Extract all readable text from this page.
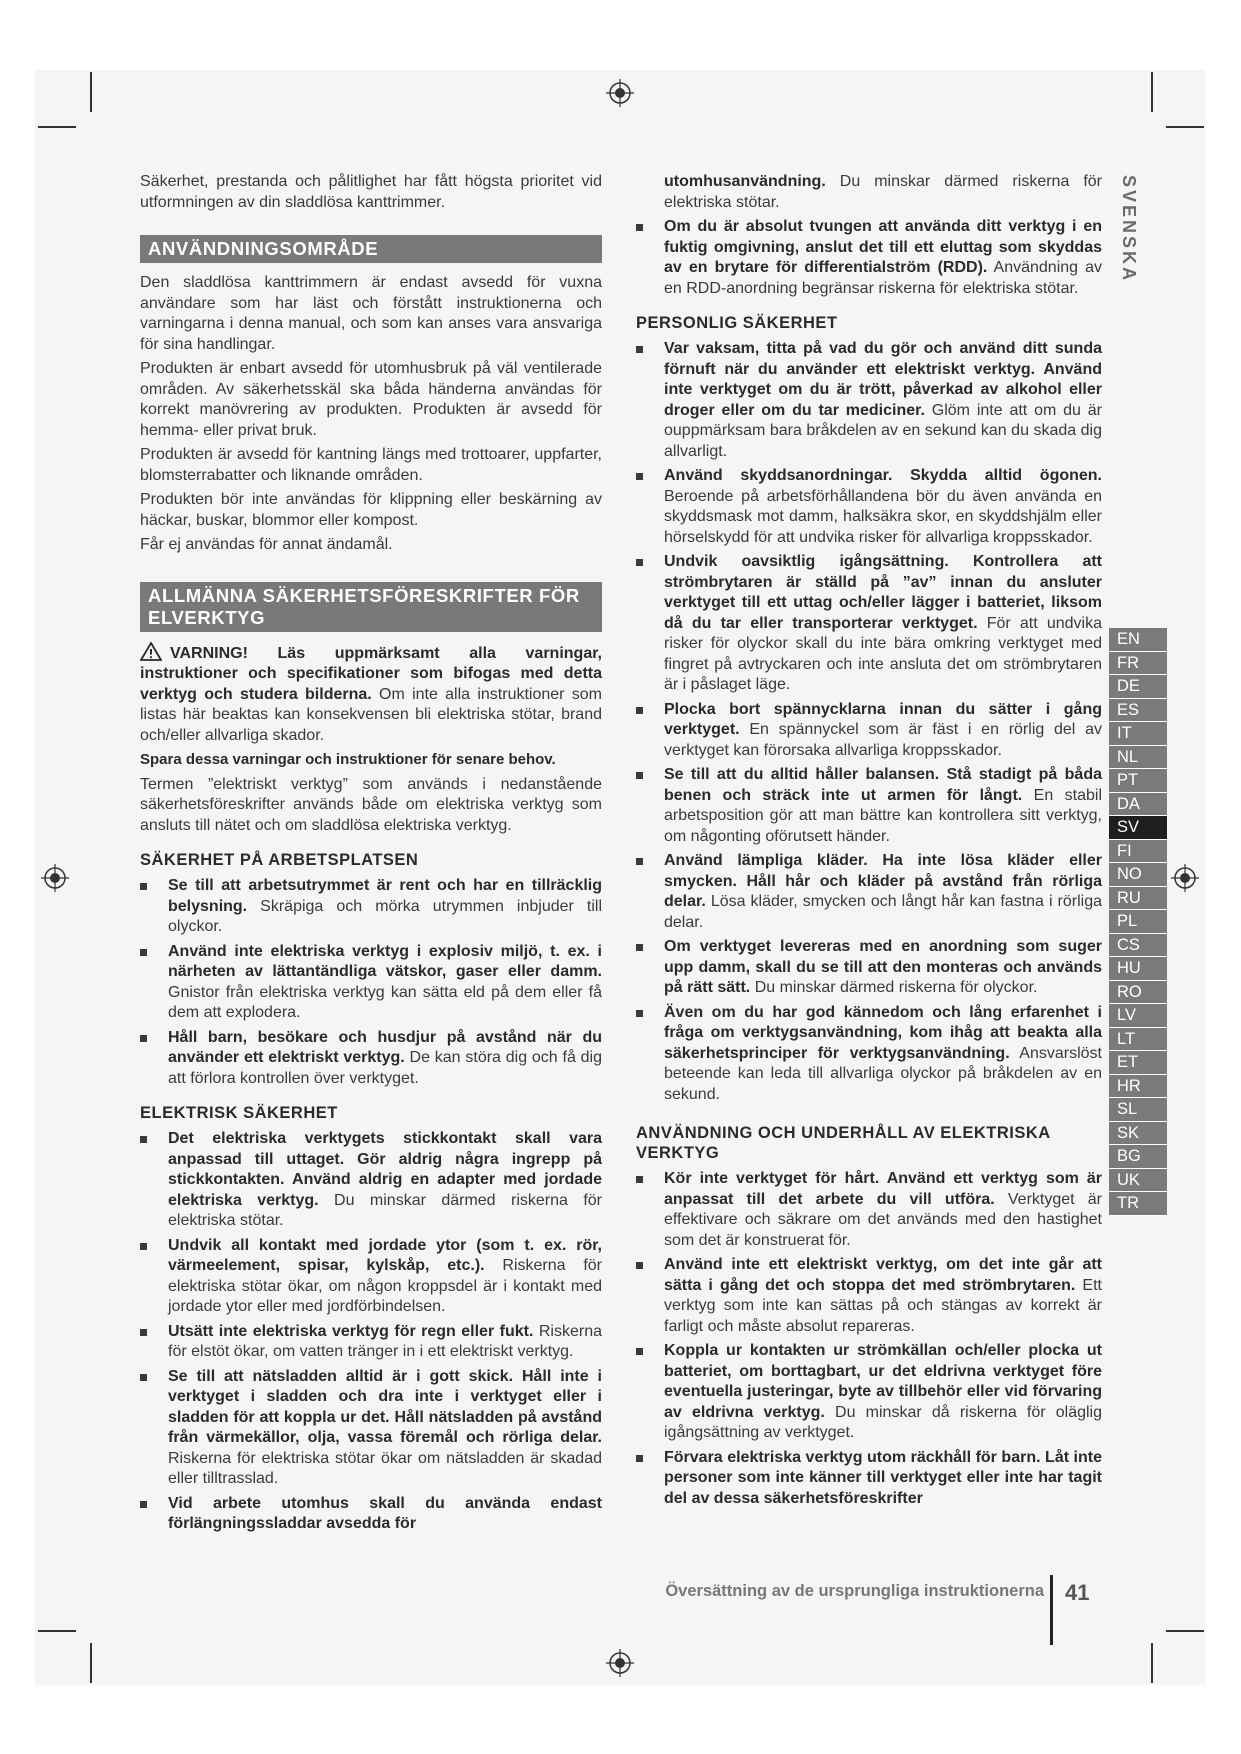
Säkerhet, prestanda och pålitlighet har fått högsta prioritet vid utformningen av din sladdlösa kanttrimmer.

ANVÄNDNINGSOMRÅDE

Den sladdlösa kanttrimmern är endast avsedd för vuxna användare som har läst och förstått instruktionerna och varningarna i denna manual, och som kan anses vara ansvariga för sina handlingar.

Produkten är enbart avsedd för utomhusbruk på väl ventilerade områden. Av säkerhetsskäl ska båda händerna användas för korrekt manövrering av produkten. Produkten är avsedd för hemma- eller privat bruk.

Produkten är avsedd för kantning längs med trottoarer, uppfarter, blomsterrabatter och liknande områden.

Produkten bör inte användas för klippning eller beskärning av häckar, buskar, blommor eller kompost.

Får ej användas för annat ändamål.

ALLMÄNNA SÄKERHETSFÖRESKRIFTER FÖR ELVERKTYG

VARNING! Läs uppmärksamt alla varningar, instruktioner och specifikationer som bifogas med detta verktyg och studera bilderna. Om inte alla instruktioner som listas här beaktas kan konsekvensen bli elektriska stötar, brand och/eller allvarliga skador.

Spara dessa varningar och instruktioner för senare behov.

Termen ”elektriskt verktyg” som används i nedanstående säkerhetsföreskrifter används både om elektriska verktyg som ansluts till nätet och om sladdlösa elektriska verktyg.

SÄKERHET PÅ ARBETSPLATSEN
Se till att arbetsutrymmet är rent och har en tillräcklig belysning. Skräpiga och mörka utrymmen inbjuder till olyckor.
Använd inte elektriska verktyg i explosiv miljö, t. ex. i närheten av lättantändliga vätskor, gaser eller damm. Gnistor från elektriska verktyg kan sätta eld på dem eller få dem att explodera.
Håll barn, besökare och husdjur på avstånd när du använder ett elektriskt verktyg. De kan störa dig och få dig att förlora kontrollen över verktyget.
ELEKTRISK SÄKERHET
Det elektriska verktygets stickkontakt skall vara anpassad till uttaget. Gör aldrig några ingrepp på stickkontakten. Använd aldrig en adapter med jordade elektriska verktyg. Du minskar därmed riskerna för elektriska stötar.
Undvik all kontakt med jordade ytor (som t. ex. rör, värmeelement, spisar, kylskåp, etc.). Riskerna för elektriska stötar ökar, om någon kroppsdel är i kontakt med jordade ytor eller med jordförbindelsen.
Utsätt inte elektriska verktyg för regn eller fukt. Riskerna för elstöt ökar, om vatten tränger in i ett elektriskt verktyg.
Se till att nätsladden alltid är i gott skick. Håll inte i verktyget i sladden och dra inte i verktyget eller i sladden för att koppla ur det. Håll nätsladden på avstånd från värmekällor, olja, vassa föremål och rörliga delar. Riskerna för elektriska stötar ökar om nätsladden är skadad eller tilltrasslad.
Vid arbete utomhus skall du använda endast förlängningssladdar avsedda för

utomhusanvändning. Du minskar därmed riskerna för elektriska stötar.

Om du är absolut tvungen att använda ditt verktyg i en fuktig omgivning, anslut det till ett eluttag som skyddas av en brytare för differentialström (RDD). Användning av en RDD-anordning begränsar riskerna för elektriska stötar.
PERSONLIG SÄKERHET
Var vaksam, titta på vad du gör och använd ditt sunda förnuft när du använder ett elektriskt verktyg. Använd inte verktyget om du är trött, påverkad av alkohol eller droger eller om du tar mediciner. Glöm inte att om du är ouppmärksam bara bråkdelen av en sekund kan du skada dig allvarligt.
Använd skyddsanordningar. Skydda alltid ögonen. Beroende på arbetsförhållandena bör du även använda en skyddsmask mot damm, halksäkra skor, en skyddshjälm eller hörselskydd för att undvika risker för allvarliga kroppsskador.
Undvik oavsiktlig igångsättning. Kontrollera att strömbrytaren är ställd på ”av” innan du ansluter verktyget till ett uttag och/eller lägger i batteriet, liksom då du tar eller transporterar verktyget. För att undvika risker för olyckor skall du inte bära omkring verktyget med fingret på avtryckaren och inte ansluta det om strömbrytaren är i påslaget läge.
Plocka bort spännycklarna innan du sätter i gång verktyget. En spännyckel som är fäst i en rörlig del av verktyget kan förorsaka allvarliga kroppsskador.
Se till att du alltid håller balansen. Stå stadigt på båda benen och sträck inte ut armen för långt. En stabil arbetsposition gör att man bättre kan kontrollera sitt verktyg, om någonting oförutsett händer.
Använd lämpliga kläder. Ha inte lösa kläder eller smycken. Håll hår och kläder på avstånd från rörliga delar. Lösa kläder, smycken och långt hår kan fastna i rörliga delar.
Om verktyget levereras med en anordning som suger upp damm, skall du se till att den monteras och används på rätt sätt. Du minskar därmed riskerna för olyckor.
Även om du har god kännedom och lång erfarenhet i fråga om verktygsanvändning, kom ihåg att beakta alla säkerhetsprinciper för verktygsanvändning. Ansvarslöst beteende kan leda till allvarliga olyckor på bråkdelen av en sekund.
ANVÄNDNING OCH UNDERHÅLL AV ELEKTRISKA VERKTYG
Kör inte verktyget för hårt. Använd ett verktyg som är anpassat till det arbete du vill utföra. Verktyget är effektivare och säkrare om det används med den hastighet som det är konstruerat för.
Använd inte ett elektriskt verktyg, om det inte går att sätta i gång det och stoppa det med strömbrytaren. Ett verktyg som inte kan sättas på och stängas av korrekt är farligt och måste absolut repareras.
Koppla ur kontakten ur strömkällan och/eller plocka ut batteriet, om borttagbart, ur det eldrivna verktyget före eventuella justeringar, byte av tillbehör eller vid förvaring av eldrivna verktyg. Du minskar då riskerna för oläglig igångsättning av verktyget.
Förvara elektriska verktyg utom räckhåll för barn. Låt inte personer som inte känner till verktyget eller inte har tagit del av dessa säkerhetsföreskrifter
SVENSKA
EN
FR
DE
ES
IT
NL
PT
DA
SV
FI
NO
RU
PL
CS
HU
RO
LV
LT
ET
HR
SL
SK
BG
UK
TR
Översättning av de ursprungliga instruktionerna 41
